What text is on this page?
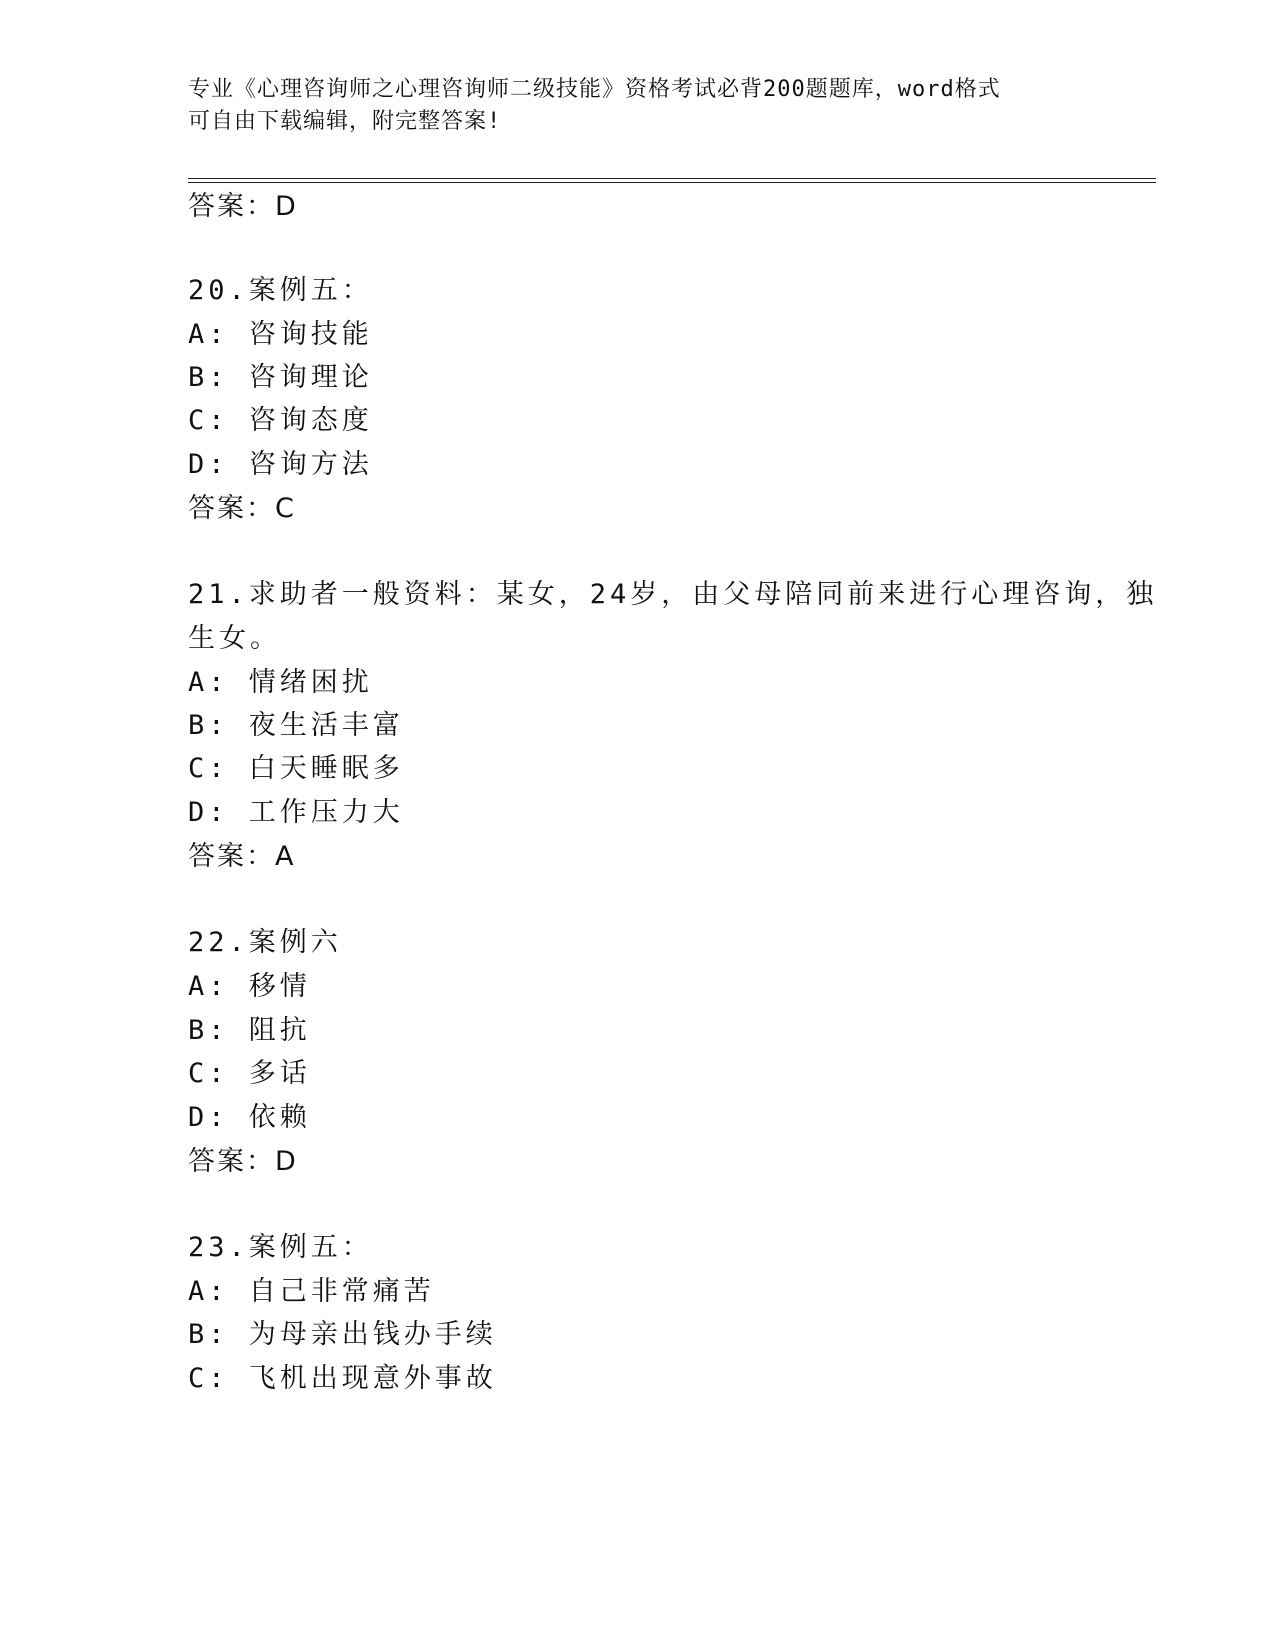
专业《心理咨询师之心理咨询师二级技能》资格考试必背200题题库，word格式
可自由下载编辑，附完整答案!
答案：D
20.案例五：
A: 咨询技能
B: 咨询理论
C: 咨询态度
D: 咨询方法
答案：C
21.求助者一般资料：某女，24岁，由父母陪同前来进行心理咨询，独
生女。
A: 情绪困扰
B: 夜生活丰富
C: 白天睡眠多
D: 工作压力大
答案：A
22.案例六
A: 移情
B: 阻抗
C: 多话
D: 依赖
答案：D
23.案例五：
A: 自己非常痛苦
B: 为母亲出钱办手续
C: 飞机出现意外事故
